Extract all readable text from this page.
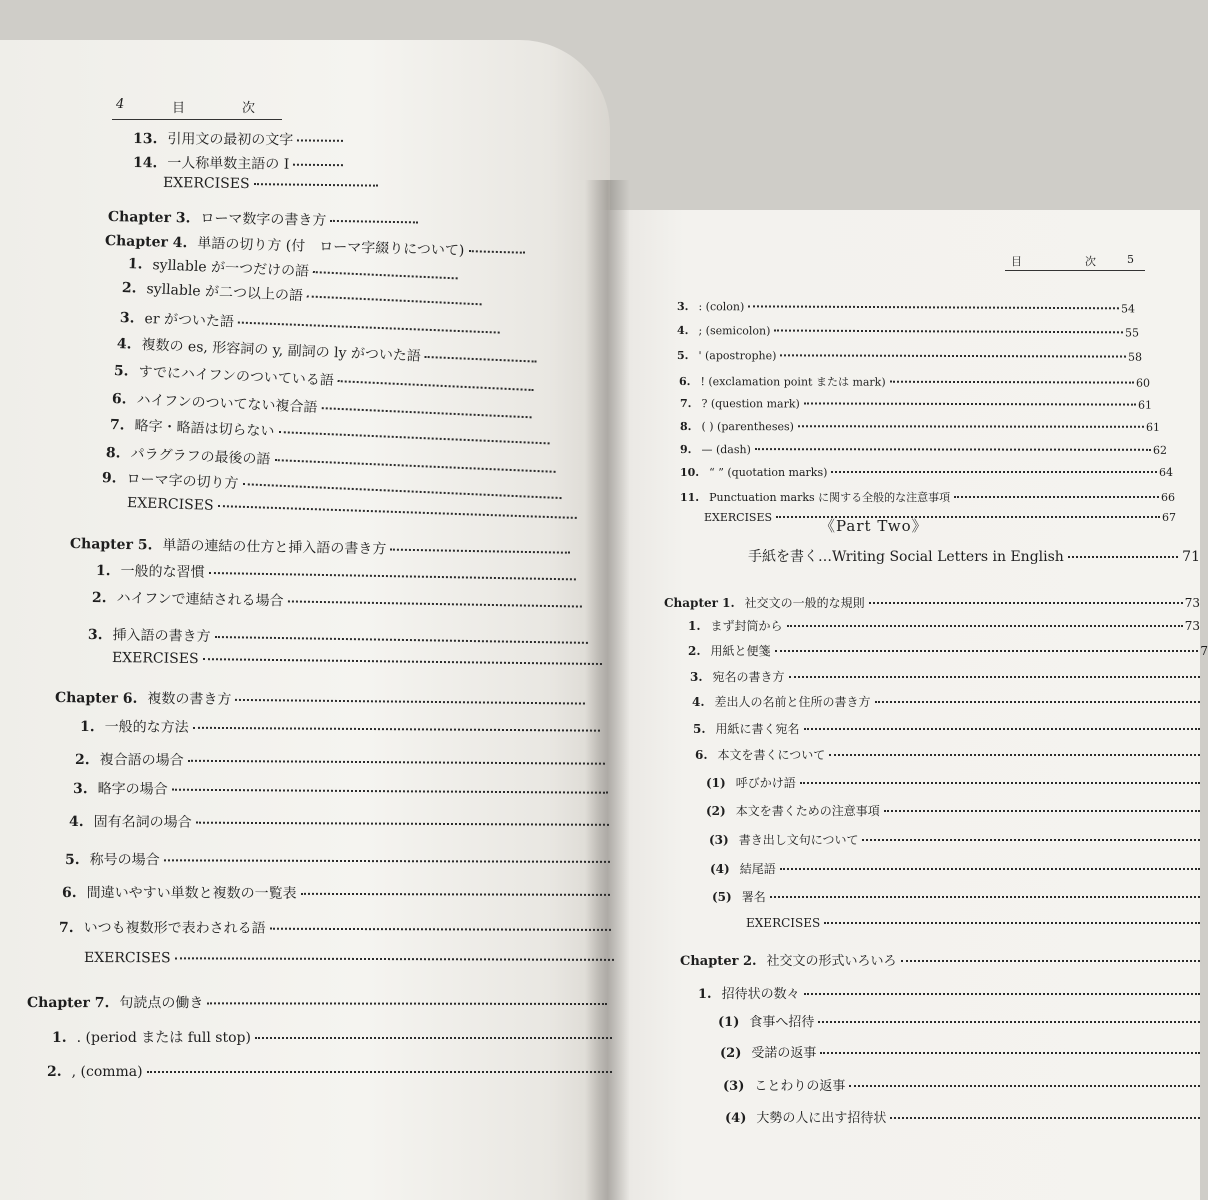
4	目	次
目	次	5
《Part Two》
手紙を書く…Writing Social Letters in English	71
13. 引用文の最初の文字
14. 一人称単数主語の I
EXERCISES
Chapter 3. ローマ数字の書き方
Chapter 4. 単語の切り方 (付　ローマ字綴りについて)
1. syllable が一つだけの語
2. syllable が二つ以上の語
3. er がついた語
4. 複数の es, 形容詞の y, 副詞の ly がついた語
5. すでにハイフンのついている語
6. ハイフンのついてない複合語
7. 略字・略語は切らない
8. パラグラフの最後の語
9. ローマ字の切り方
EXERCISES
Chapter 5. 単語の連結の仕方と挿入語の書き方
1. 一般的な習慣
2. ハイフンで連結される場合
3. 挿入語の書き方
EXERCISES
Chapter 6. 複数の書き方
1. 一般的な方法
2. 複合語の場合
3. 略字の場合
4. 固有名詞の場合
5. 称号の場合
6. 間違いやすい単数と複数の一覧表
7. いつも複数形で表わされる語
EXERCISES
Chapter 7. 句読点の働き
1. . (period または full stop)
2. , (comma)
3. : (colon)	54
4. ; (semicolon)	55
5. ' (apostrophe)	58
6. ! (exclamation point または mark)	60
7. ? (question mark)	61
8. ( ) (parentheses)	61
9. — (dash)	62
10. “ ” (quotation marks)	64
11. Punctuation marks に関する全般的な注意事項	66
EXERCISES	67
Chapter 1. 社交文の一般的な規則	73
1. まず封筒から	73
2. 用紙と便箋	7
3. 宛名の書き方
4. 差出人の名前と住所の書き方
5. 用紙に書く宛名
6. 本文を書くについて
(1) 呼びかけ語
(2) 本文を書くための注意事項
(3) 書き出し文句について
(4) 結尾語
(5) 署名
EXERCISES
Chapter 2. 社交文の形式いろいろ
1. 招待状の数々
(1) 食事へ招待
(2) 受諾の返事
(3) ことわりの返事
(4) 大勢の人に出す招待状
